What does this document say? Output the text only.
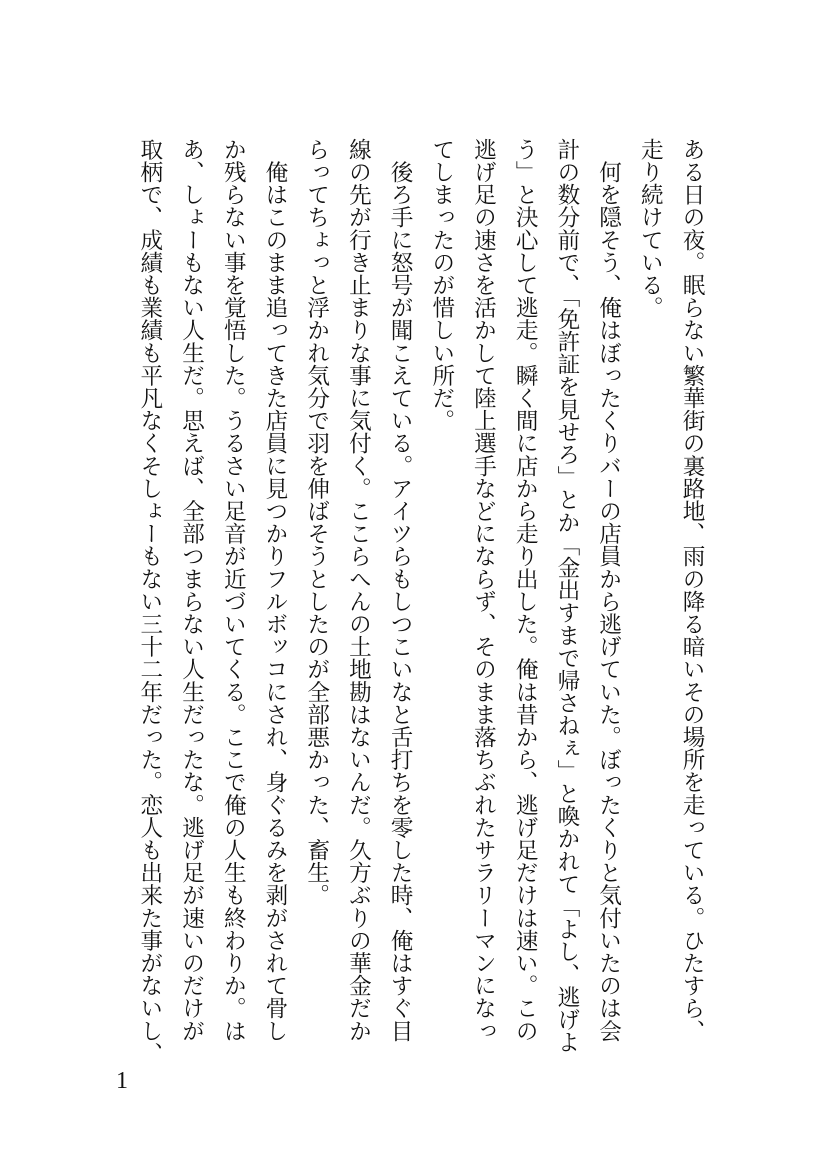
ある日の夜。眠らない繁華街の裏路地、雨の降る暗いその場所を走っている。ひたすら、
走り続けている。
　何を隠そう、俺はぼったくりバーの店員から逃げていた。ぼったくりと気付いたのは会
計の数分前で、「免許証を見せろ」とか「金出すまで帰さねぇ」と喚かれて「よし、逃げよ
う」と決心して逃走。瞬く間に店から走り出した。俺は昔から、逃げ足だけは速い。この
逃げ足の速さを活かして陸上選手などにならず、そのまま落ちぶれたサラリーマンになっ
てしまったのが惜しい所だ。
　後ろ手に怒号が聞こえている。アイツらもしつこいなと舌打ちを零した時、俺はすぐ目
線の先が行き止まりな事に気付く。ここらへんの土地勘はないんだ。久方ぶりの華金だか
らってちょっと浮かれ気分で羽を伸ばそうとしたのが全部悪かった、畜生。
　俺はこのまま追ってきた店員に見つかりフルボッコにされ、身ぐるみを剥がされて骨し
か残らない事を覚悟した。うるさい足音が近づいてくる。ここで俺の人生も終わりか。は
あ、しょーもない人生だ。思えば、全部つまらない人生だったな。逃げ足が速いのだけが
取柄で、成績も業績も平凡なくそしょーもない三十二年だった。恋人も出来た事がないし、
1
